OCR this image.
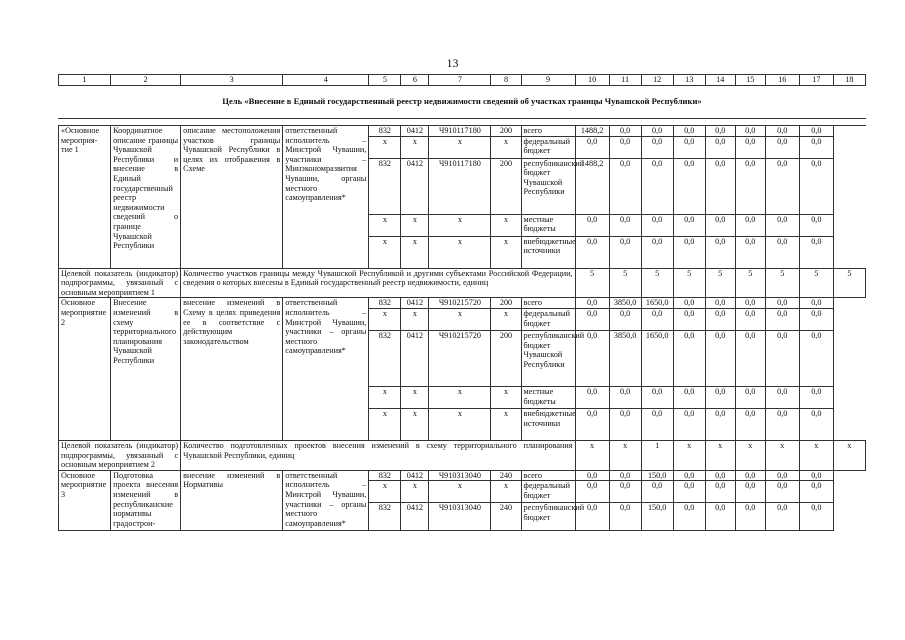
13
1	2	3	4	5	6	7	8	9	10	11	12	13	14	15	16	17	18
Цель «Внесение в Единый государственный реестр недвижимости сведений об участках границы Чувашской Республики»																	

«Основное мероприя-тие 1	Координатное описание границы Чувашской Республики и внесение в Единый государственный реестр недвижимости сведений о границе Чувашской Республики	описание местоположения участков границы Чувашской Республики в целях их отображения в Схеме	ответственный исполнитель – Минстрой Чувашии, участники – Минэкономразвития Чувашии, органы местного самоуправления*	832	0412	Ч910117180	200	всего	1488,2	0,0	0,0	0,0	0,0	0,0	0,0	0,0	
				x	x	x	x	федеральный бюджет	0,0	0,0	0,0	0,0	0,0	0,0	0,0	0,0	
				832	0412	Ч910117180	200	республиканский бюджет Чувашской Республики	1488,2	0,0	0,0	0,0	0,0	0,0	0,0	0,0	
				x	x	x	x	местные бюджеты	0,0	0,0	0,0	0,0	0,0	0,0	0,0	0,0	
				x	x	x	x	внебюджетные источники	0,0	0,0	0,0	0,0	0,0	0,0	0,0	0,0	
Целевой показатель (индикатор) подпрограммы, увязанный с основным мероприятием 1		Количество участков границы между Чувашской Республикой и другими субъектами Российской Федерации, сведения о которых внесены в Единый государственный реестр недвижимости, единиц							5	5	5	5	5	5	5	5	5
Основное мероприятие 2	Внесение изменений в схему территориального планирования Чувашской Республики	внесение изменений в Схему в целях приведения ее в соответствие с действующим законодательством	ответственный исполнитель – Минстрой Чувашии, участники – органы местного самоуправления*	832	0412	Ч910215720	200	всего	0,0	3850,0	1650,0	0,0	0,0	0,0	0,0	0,0	
				x	x	x	x	федеральный бюджет	0,0	0,0	0,0	0,0	0,0	0,0	0,0	0,0	
				832	0412	Ч910215720	200	республиканский бюджет Чувашской Республики	0,0	3850,0	1650,0	0,0	0,0	0,0	0,0	0,0	
				x	x	x	x	местные бюджеты	0,0	0,0	0,0	0,0	0,0	0,0	0,0	0,0	
				x	x	x	x	внебюджетные источники	0,0	0,0	0,0	0,0	0,0	0,0	0,0	0,0	
Целевой показатель (индикатор) подпрограммы, увязанный с основным мероприятием 2		Количество подготовленных проектов внесения изменений в схему территориального планирования Чувашской Республики, единиц							x	x	1	x	x	x	x	x	x
Основное мероприятие 3	Подготовка проекта внесения изменений в республиканские нормативы градострои-	внесение изменений в Нормативы	ответственный исполнитель – Минстрой Чувашии, участники – органы местного самоуправления*	832	0412	Ч910313040	240	всего	0,0	0,0	150,0	0,0	0,0	0,0	0,0	0,0	
				x	x	x	x	федеральный бюджет	0,0	0,0	0,0	0,0	0,0	0,0	0,0	0,0	
				832	0412	Ч910313040	240	республиканский бюджет	0,0	0,0	150,0	0,0	0,0	0,0	0,0	0,0	
